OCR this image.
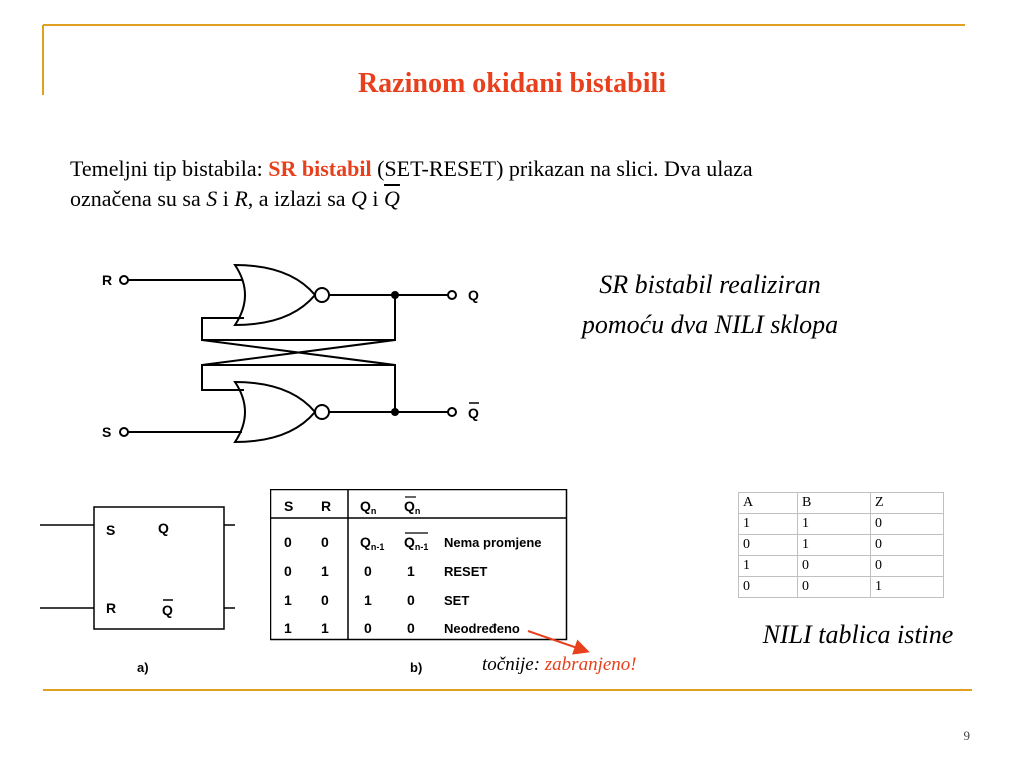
Razinom okidani bistabili
Temeljni tip bistabila: SR bistabil (SET-RESET) prikazan na slici. Dva ulaza
označena su sa S i R, a izlazi sa Q i $\overline{Q}$
R
S
Q
Q
SR bistabil realiziran
pomoću dva NILI sklopa
S	Q
R	Q
a)
S R $Q_n$ $Q_n$
0 0 $Q_{n-1}$ $Q_{n-1}$ Nema promjene
0 1	0	1 RESET
1 0	1	0 SET
1 1	0	0 Neodređeno
b)	točnije: zabranjeno!
A	B	Z
1	1	0
0	1	0
1	0	0
0	0	1
NILI tablica istine
9
